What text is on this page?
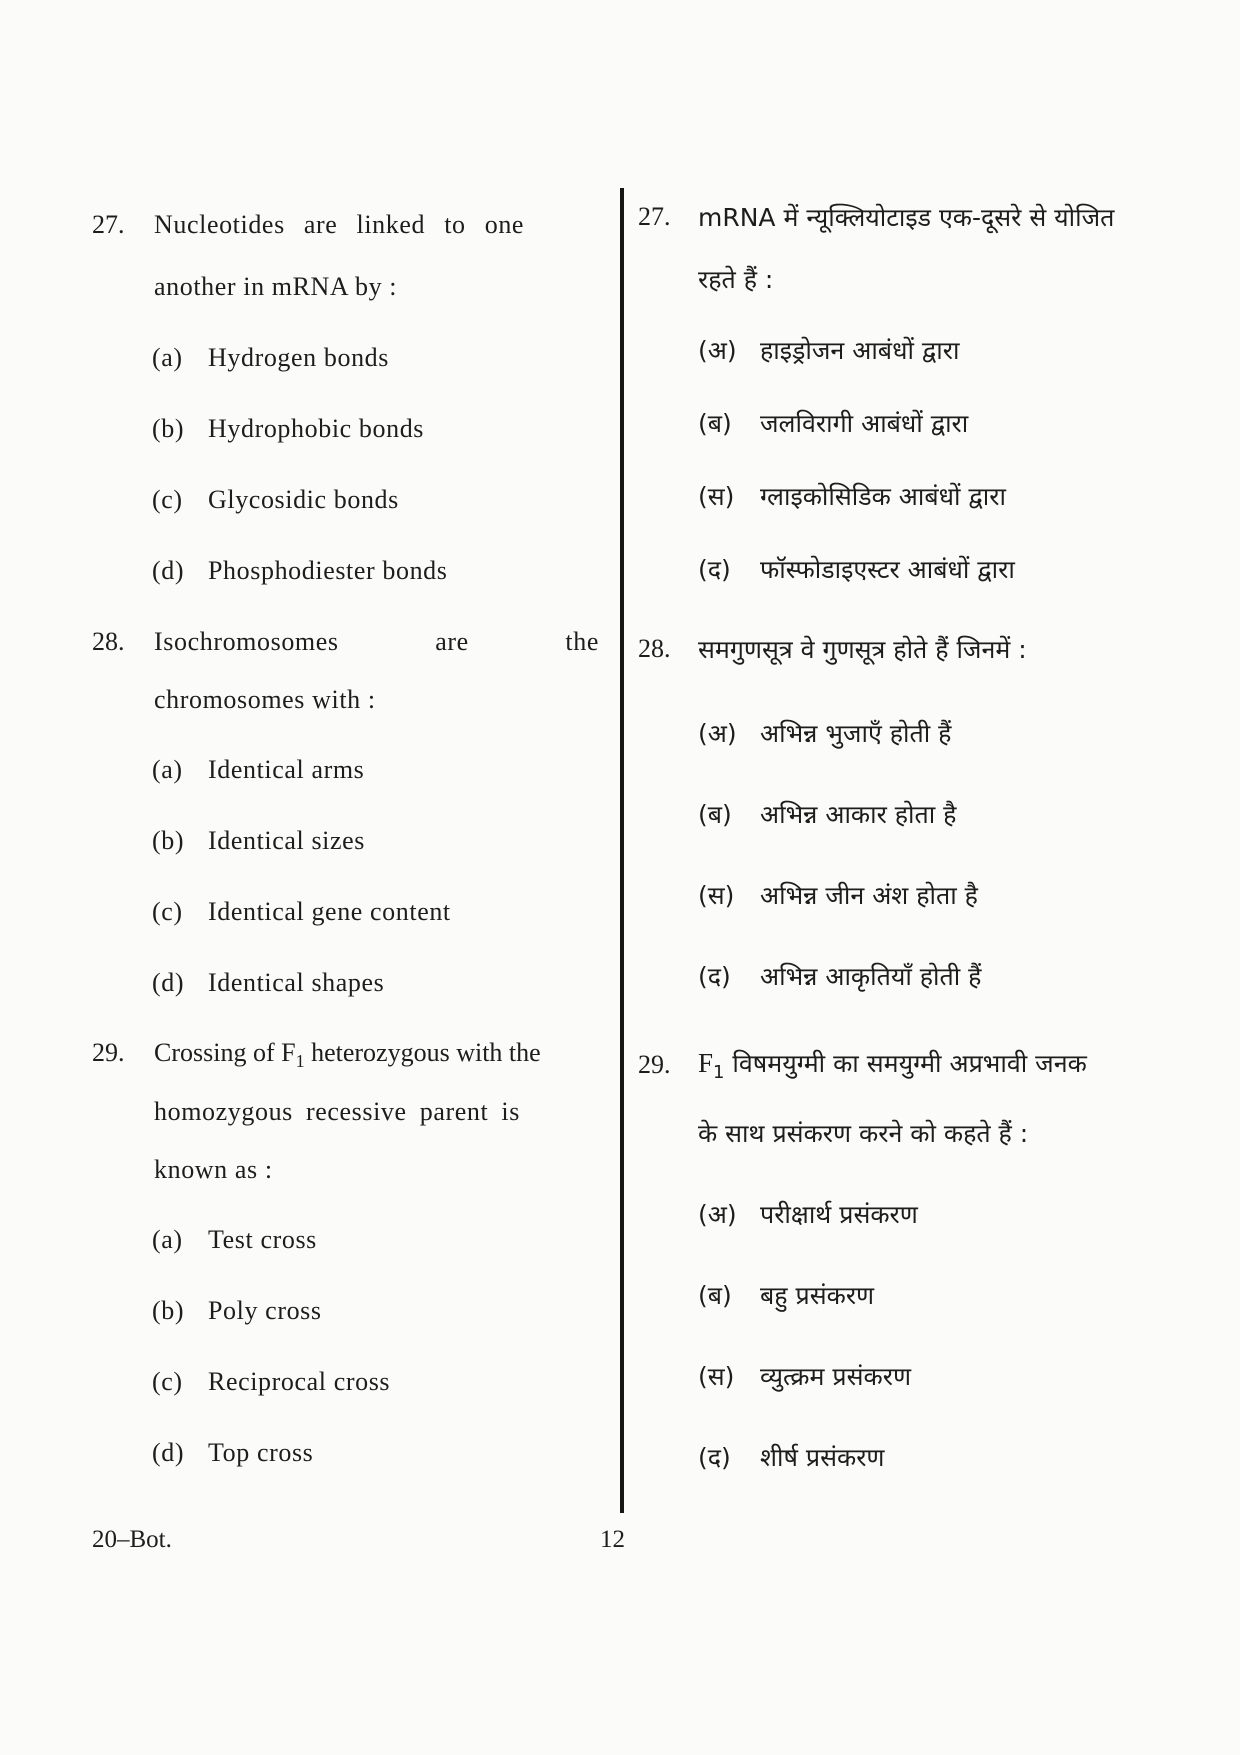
27. Nucleotides are linked to one
another in mRNA by :
(a) Hydrogen bonds
(b) Hydrophobic bonds
(c) Glycosidic bonds
(d) Phosphodiester bonds
28. Isochromosomes	are	the
chromosomes with :
(a) Identical arms
(b) Identical sizes
(c) Identical gene content
(d) Identical shapes
29. Crossing of $F_1$ heterozygous with the
homozygous recessive parent is
known as :
(a) Test cross
(b) Poly cross
(c) Reciprocal cross
(d) Top cross
27. mRNA में न्यूक्लियोटाइड एक-दूसरे से योजित
रहते हैं :
(अ) हाइड्रोजन आबंधों द्वारा
(ब) जलविरागी आबंधों द्वारा
(स) ग्लाइकोसिडिक आबंधों द्वारा
(द) फॉस्फोडाइएस्टर आबंधों द्वारा
28. समगुणसूत्र वे गुणसूत्र होते हैं जिनमें :
(अ) अभिन्न भुजाएँ होती हैं
(ब) अभिन्न आकार होता है
(स) अभिन्न जीन अंश होता है
(द) अभिन्न आकृतियाँ होती हैं
29. $F_1$ विषमयुग्मी का समयुग्मी अप्रभावी जनक
के साथ प्रसंकरण करने को कहते हैं :
(अ) परीक्षार्थ प्रसंकरण
(ब) बहु प्रसंकरण
(स) व्युत्क्रम प्रसंकरण
(द) शीर्ष प्रसंकरण
20–Bot.	12
